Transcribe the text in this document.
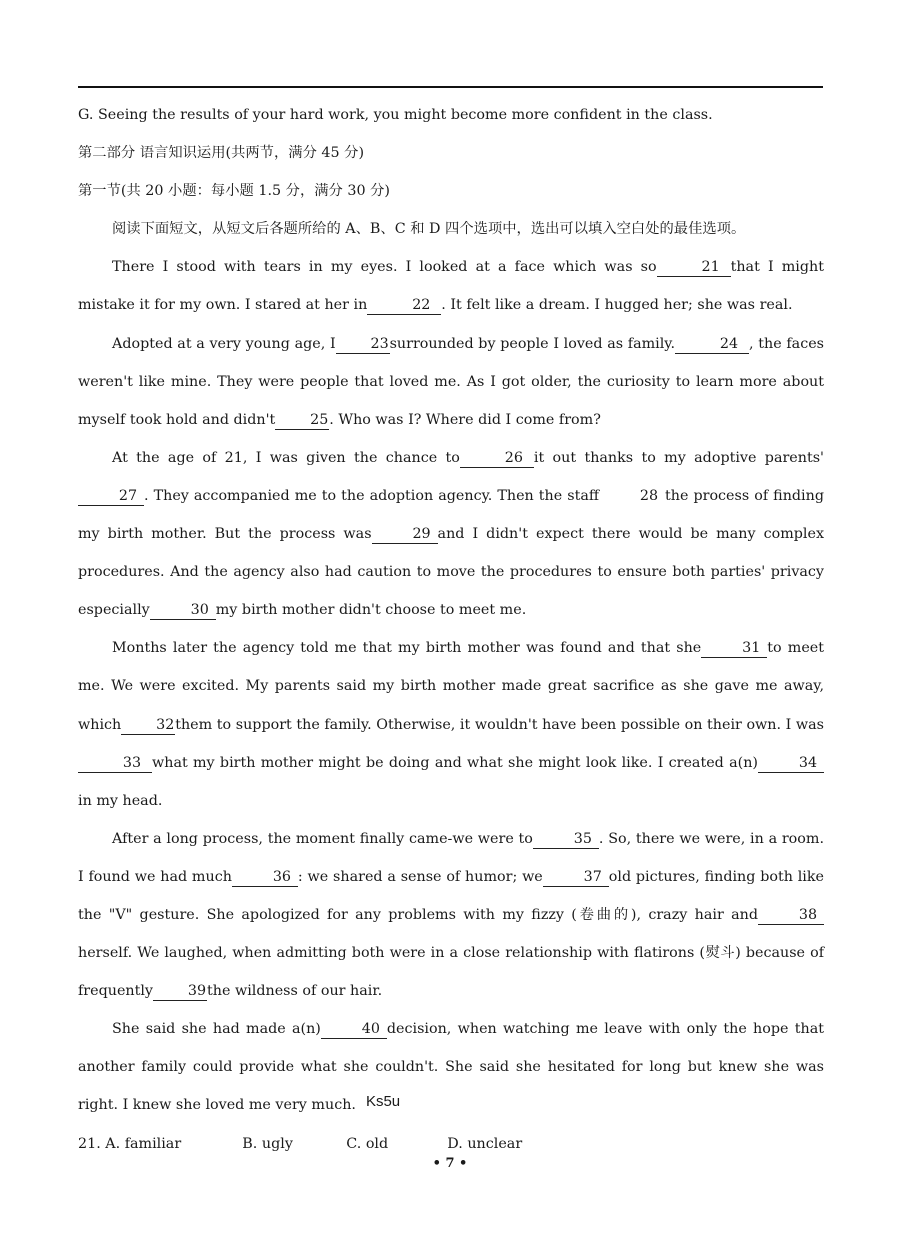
G. Seeing the results of your hard work, you might become more confident in the class.

第二部分 语言知识运用(共两节，满分 45 分)

第一节(共 20 小题：每小题 1.5 分，满分 30 分)

阅读下面短文，从短文后各题所给的 A、B、C 和 D 四个选项中，选出可以填入空白处的最佳选项。

There I stood with tears in my eyes. I looked at a face which was so	21 that I might mistake it for my own. I stared at her in	22 . It felt like a dream. I hugged her; she was real.

Adopted at a very young age, I 23surrounded by people I loved as family.	24 , the faces weren't like mine. They were people that loved me. As I got older, the curiosity to learn more about myself took hold and didn't 25. Who was I? Where did I come from?

At the age of 21, I was given the chance to	26 it out thanks to my adoptive parents'27 . They accompanied me to the adoption agency. Then the staff	28 the process of finding my birth mother. But the process was	29 and I didn't expect there would be many complex procedures. And the agency also had caution to move the procedures to ensure both parties' privacy especially	30 my birth mother didn't choose to meet me.

Months later the agency told me that my birth mother was found and that she	31 to meet me. We were excited. My parents said my birth mother made great sacrifice as she gave me away, which 32them to support the family. Otherwise, it wouldn't have been possible on their own. I was33 what my birth mother might be doing and what she might look like. I created a(n)	34in my head.

After a long process, the moment finally came-we were to	35 . So, there we were, in a room. I found we had much	36 : we shared a sense of humor; we	37 old pictures, finding both like the "V" gesture. She apologized for any problems with my fizzy (卷曲的), crazy hair and	38herself. We laughed, when admitting both were in a close relationship with flatirons (熨斗) because of frequently 39the wildness of our hair.

She said she had made a(n)	40 decision, when watching me leave with only the hope that another family could provide what she couldn't. She said she hesitated for long but knew she was right. I knew she loved me very much. Ks5u

21. A. familiar	B. ugly	C. old	D. unclear

• 7 •
